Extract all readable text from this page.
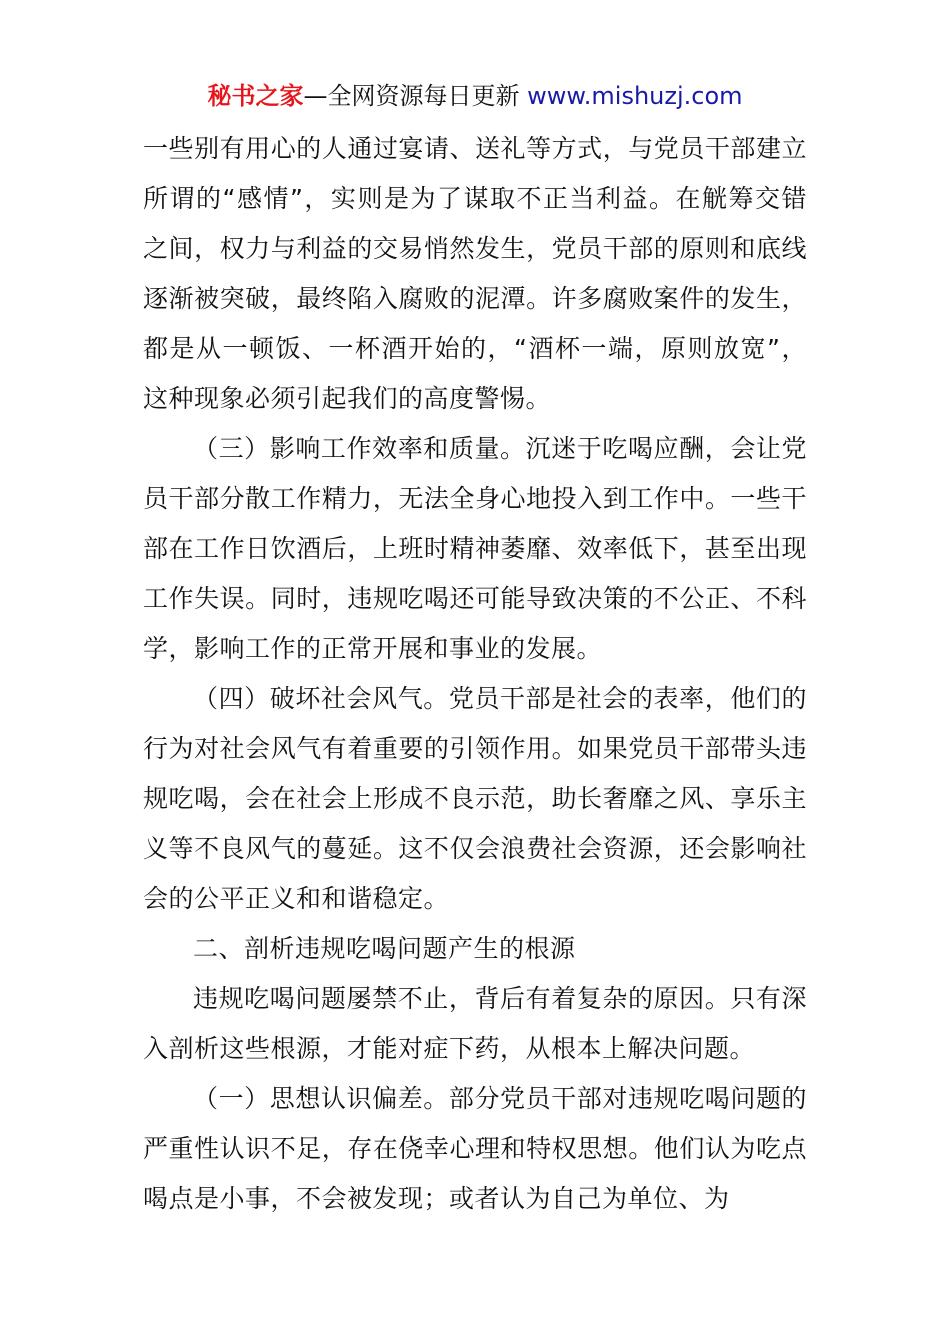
秘书之家—全网资源每日更新 www.mishuzj.com

一些别有用心的人通过宴请、送礼等方式，与党员干部建立所谓的“感情”，实则是为了谋取不正当利益。在觥筹交错之间，权力与利益的交易悄然发生，党员干部的原则和底线逐渐被突破，最终陷入腐败的泥潭。许多腐败案件的发生，都是从一顿饭、一杯酒开始的，“酒杯一端，原则放宽”，这种现象必须引起我们的高度警惕。

（三）影响工作效率和质量。沉迷于吃喝应酬，会让党员干部分散工作精力，无法全身心地投入到工作中。一些干部在工作日饮酒后，上班时精神萎靡、效率低下，甚至出现工作失误。同时，违规吃喝还可能导致决策的不公正、不科学，影响工作的正常开展和事业的发展。

（四）破坏社会风气。党员干部是社会的表率，他们的行为对社会风气有着重要的引领作用。如果党员干部带头违规吃喝，会在社会上形成不良示范，助长奢靡之风、享乐主义等不良风气的蔓延。这不仅会浪费社会资源，还会影响社会的公平正义和和谐稳定。

二、剖析违规吃喝问题产生的根源

违规吃喝问题屡禁不止，背后有着复杂的原因。只有深入剖析这些根源，才能对症下药，从根本上解决问题。

（一）思想认识偏差。部分党员干部对违规吃喝问题的严重性认识不足，存在侥幸心理和特权思想。他们认为吃点喝点是小事，不会被发现；或者认为自己为单位、为
